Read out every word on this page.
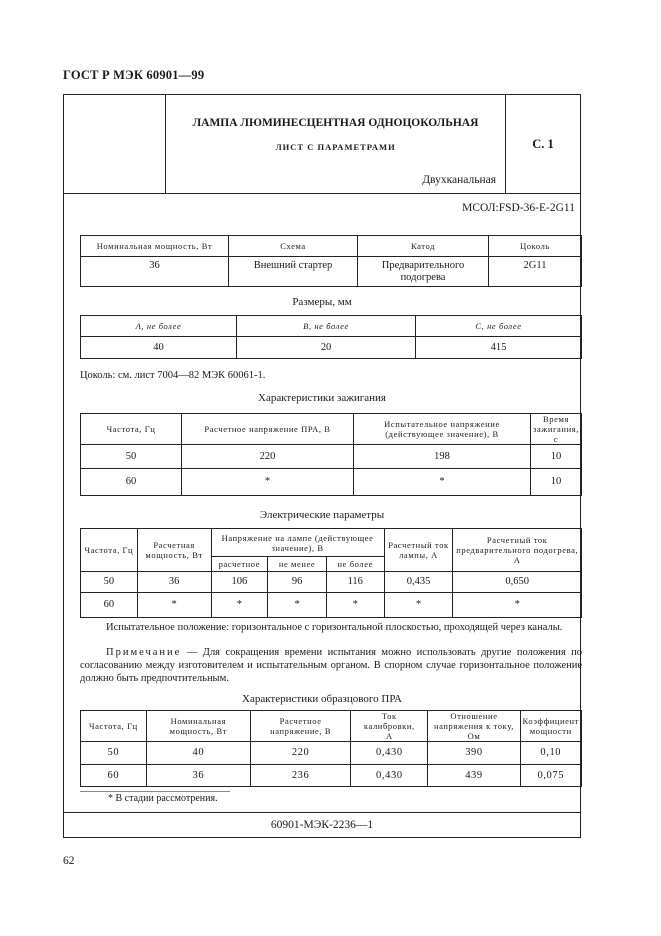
ГОСТ Р МЭК 60901—99
ЛАМПА ЛЮМИНЕСЦЕНТНАЯ ОДНОЦОКОЛЬНАЯ
ЛИСТ С ПАРАМЕТРАМИ
Двухканальная
С. 1
МСОЛ:FSD-36-E-2G11
Номинальная мощность, Вт	Схема	Катод	Цоколь
36	Внешний стартер	Предварительного подогрева	2G11
Размеры, мм
A, не более	B, не более	C, не более
40	20	415
Цоколь: см. лист 7004—82 МЭК 60061-1.
Характеристики зажигания
Частота, Гц	Расчетное напряжение ПРА, В	Испытательное напряжение (действующее значение), В	Время зажигания, с
50	220	198	10
60	*	*	10
Электрические параметры
Частота, Гц	Расчетная мощность, Вт	Напряжение на лампе (действующее значение), В			Расчетный ток лампы, А	Расчетный ток предварительного подогрева, А
		расчетное	не менее	не более		
50	36	106	96	116	0,435	0,650
60	*	*	*	*	*	*
Испытательное положение: горизонтальное с горизонтальной плоскостью, проходящей через каналы.
Примечание — Для сокращения времени испытания можно использовать другие положения по согласованию между изготовителем и испытательным органом. В спорном случае горизонтальное положение должно быть предпочтительным.
Характеристики образцового ПРА
Частота, Гц	Номинальная мощность, Вт	Расчетное напряжение, В	Ток калибровки, А	Отношение напряжения к току, Ом	Коэффициент мощности
50	40	220	0,430	390	0,10
60	36	236	0,430	439	0,075
* В стадии рассмотрения.
60901-МЭК-2236—1
62
